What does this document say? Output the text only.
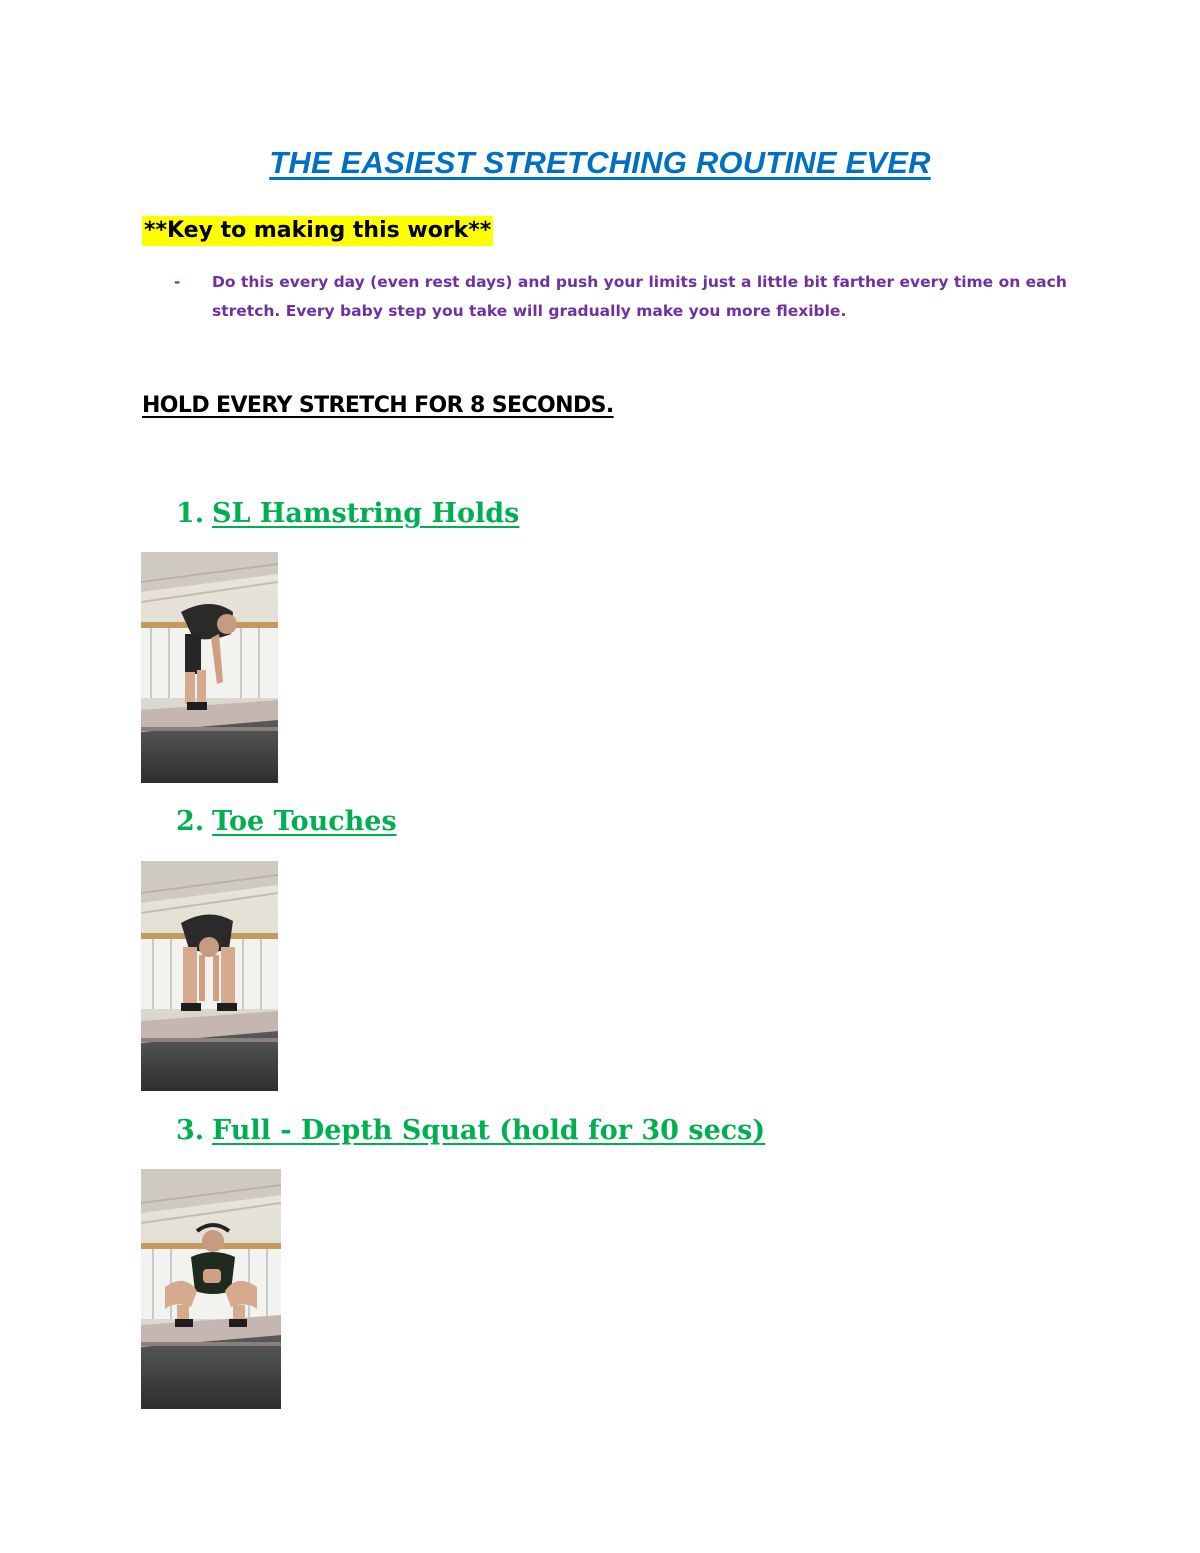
THE EASIEST STRETCHING ROUTINE EVER
**Key to making this work**
- Do this every day (even rest days) and push your limits just a little bit farther every time on each stretch. Every baby step you take will gradually make you more flexible.
HOLD EVERY STRETCH FOR 8 SECONDS.
1. SL Hamstring Holds
2. Toe Touches
3. Full - Depth Squat (hold for 30 secs)
